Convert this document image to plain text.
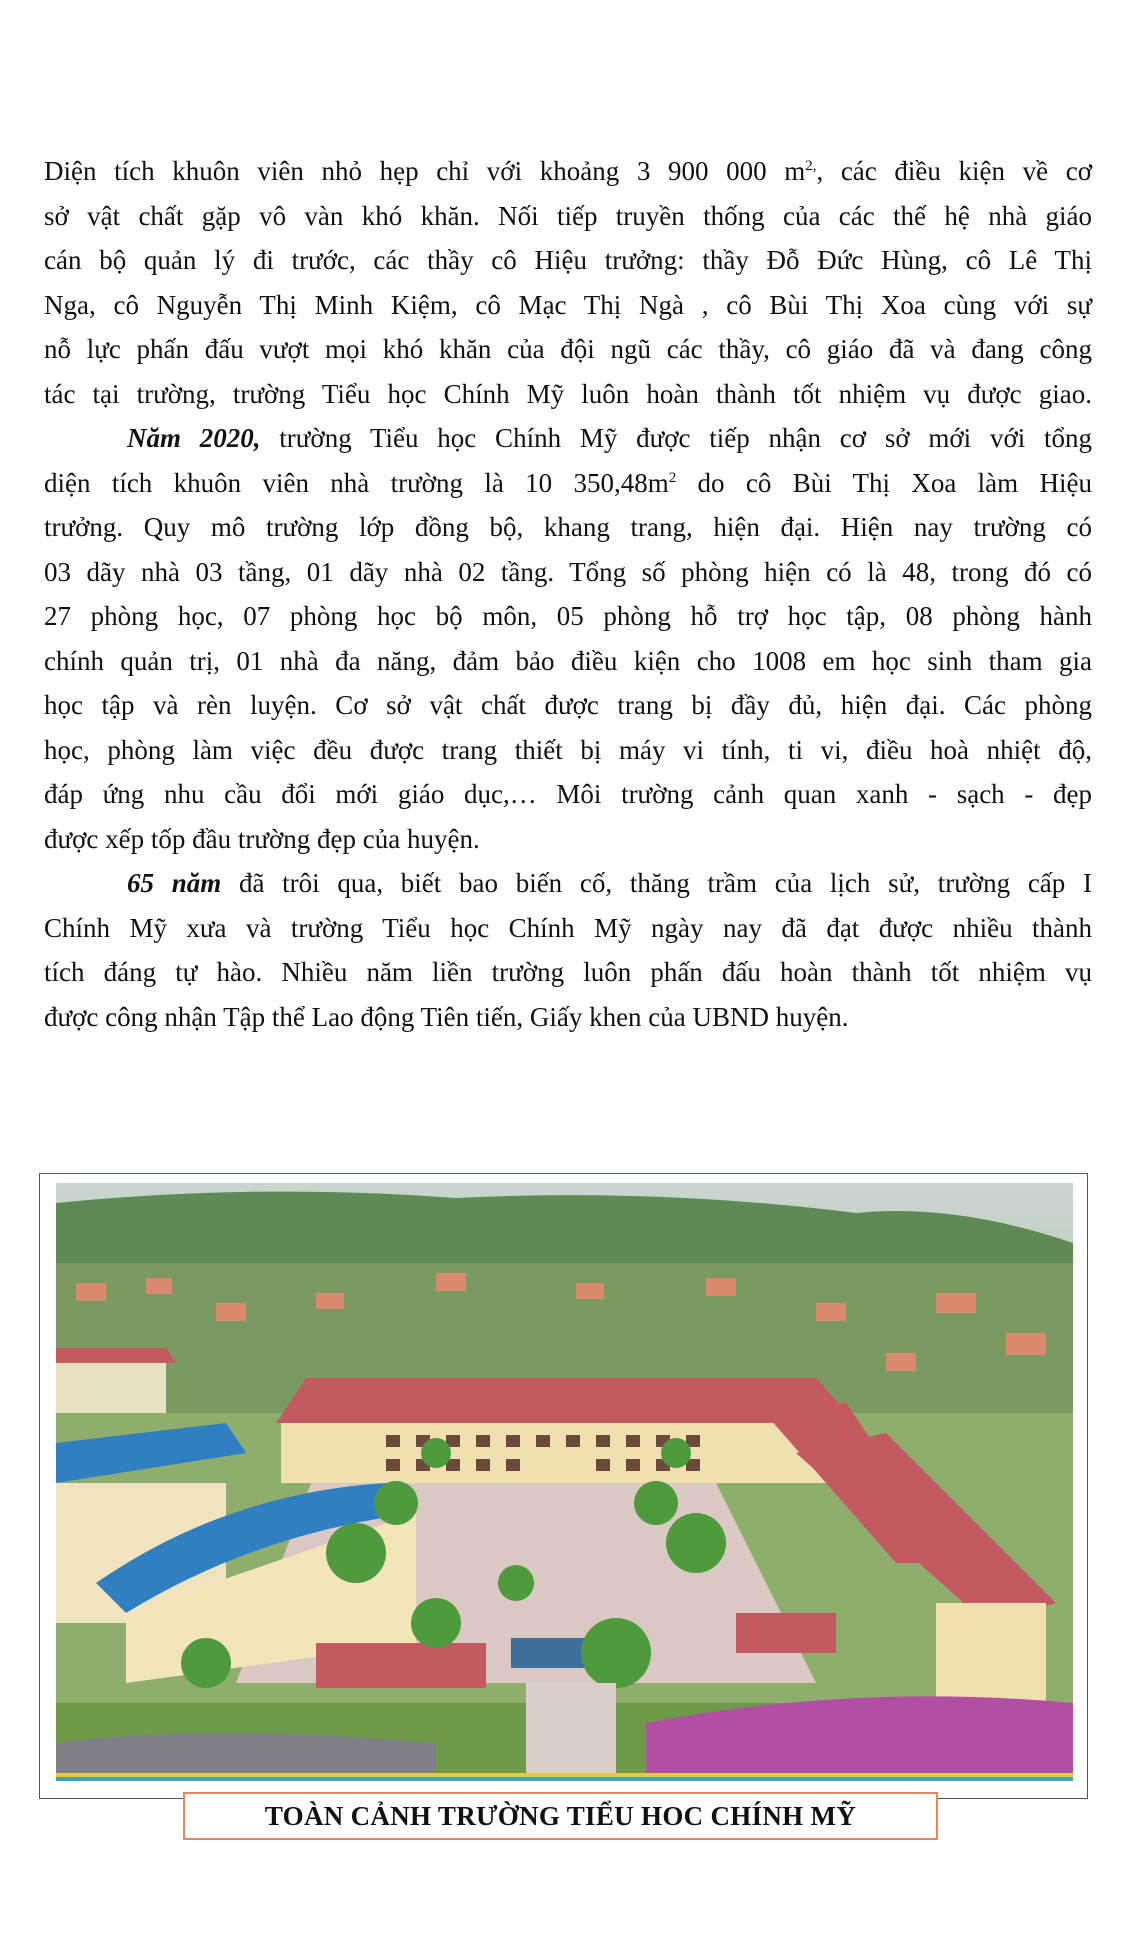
Diện tích khuôn viên nhỏ hẹp chỉ với khoảng 3 900 000 $m^{2,}$, các điều kiện về cơ
sở vật chất gặp vô vàn khó khăn. Nối tiếp truyền thống của các thế hệ nhà giáo
cán bộ quản lý đi trước, các thầy cô Hiệu trưởng: thầy Đỗ Đức Hùng, cô Lê Thị
Nga, cô Nguyễn Thị Minh Kiệm, cô Mạc Thị Ngà , cô Bùi Thị Xoa cùng với sự
nỗ lực phấn đấu vượt mọi khó khăn của đội ngũ các thầy, cô giáo đã và đang công
tác tại trường, trường Tiểu học Chính Mỹ luôn hoàn thành tốt nhiệm vụ được giao.
Năm 2020, trường Tiểu học Chính Mỹ được tiếp nhận cơ sở mới với tổng
diện tích khuôn viên nhà trường là 10 $350,48m^2$ do cô Bùi Thị Xoa làm Hiệu
trưởng. Quy mô trường lớp đồng bộ, khang trang, hiện đại. Hiện nay trường có
03 dãy nhà 03 tầng, 01 dãy nhà 02 tầng. Tổng số phòng hiện có là 48, trong đó có
27 phòng học, 07 phòng học bộ môn, 05 phòng hỗ trợ học tập, 08 phòng hành
chính quản trị, 01 nhà đa năng, đảm bảo điều kiện cho 1008 em học sinh tham gia
học tập và rèn luyện. Cơ sở vật chất được trang bị đầy đủ, hiện đại. Các phòng
học, phòng làm việc đều được trang thiết bị máy vi tính, ti vi, điều hoà nhiệt độ,
đáp ứng nhu cầu đổi mới giáo dục,… Môi trường cảnh quan xanh - sạch - đẹp
được xếp tốp đầu trường đẹp của huyện.
65 năm đã trôi qua, biết bao biến cố, thăng trầm của lịch sử, trường cấp I
Chính Mỹ xưa và trường Tiểu học Chính Mỹ ngày nay đã đạt được nhiều thành
tích đáng tự hào. Nhiều năm liền trường luôn phấn đấu hoàn thành tốt nhiệm vụ
được công nhận Tập thể Lao động Tiên tiến, Giấy khen của UBND huyện.
TOÀN CẢNH TRƯỜNG TIỂU HOC CHÍNH MỸ
